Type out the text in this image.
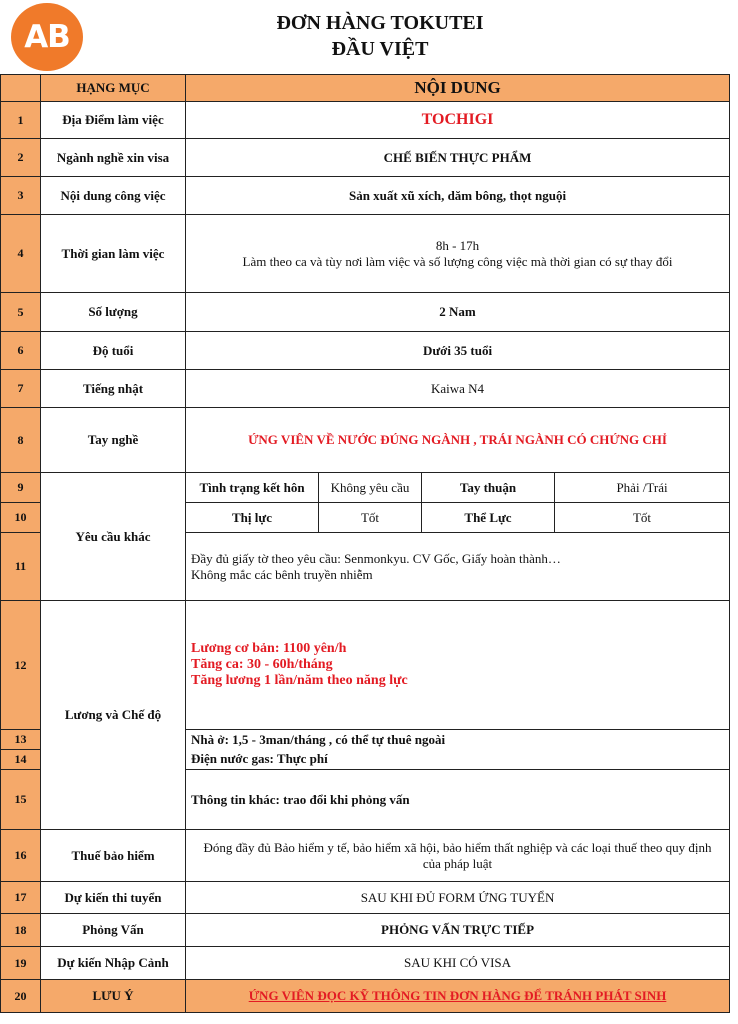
AB	ĐƠN HÀNG TOKUTEI
ĐẦU VIỆT
	HẠNG MỤC	NỘI DUNG			
1	Địa Điểm làm việc	TOCHIGI			
2	Ngành nghề xin visa	CHẾ BIẾN THỰC PHẨM			
3	Nội dung công việc	Sản xuất xũ xích, dăm bông, thọt nguội			
4	Thời gian làm việc	8h - 17h
Làm theo ca và tùy nơi làm việc và số lượng công việc mà thời gian có sự thay đổi			

5	Số lượng	2 Nam			
6	Độ tuổi	Dưới 35 tuổi			
7	Tiếng nhật	Kaiwa N4			
8	Tay nghề	ỨNG VIÊN VỀ NƯỚC ĐÚNG NGÀNH , TRÁI NGÀNH CÓ CHỨNG CHỈ			
9	Yêu cầu khác	Tình trạng kết hôn	Không yêu cầu	Tay thuận	Phải /Trái
10		Thị lực	Tốt	Thể Lực	Tốt
11		Đầy đủ giấy tờ theo yêu cầu: Senmonkyu. CV Gốc, Giấy hoàn thành…
Không mắc các bênh truyền nhiễm			

12	Lương và Chế độ	Lương cơ bản: 1100 yên/h
Tăng ca: 30 - 60h/tháng
Tăng lương 1 lần/năm theo năng lực			

13		Nhà ở: 1,5 - 3man/tháng , có thể tự thuê ngoài			
14		Điện nước gas: Thực phí			
15		Thông tin khác: trao đổi khi phỏng vấn			
16	Thuế bảo hiểm	Đóng đầy đủ Bảo hiểm y tế, bảo hiểm xã hội, bảo hiểm thất nghiệp và các loại thuế theo quy định của pháp luật			
17	Dự kiến thi tuyển	SAU KHI ĐỦ FORM ỨNG TUYỂN			
18	Phỏng Vấn	PHỎNG VẤN TRỰC TIẾP			
19	Dự kiến Nhập Cảnh	SAU KHI CÓ VISA			
20	LƯU Ý	ỨNG VIÊN ĐỌC KỸ THÔNG TIN ĐƠN HÀNG ĐỂ TRÁNH PHÁT SINH			
